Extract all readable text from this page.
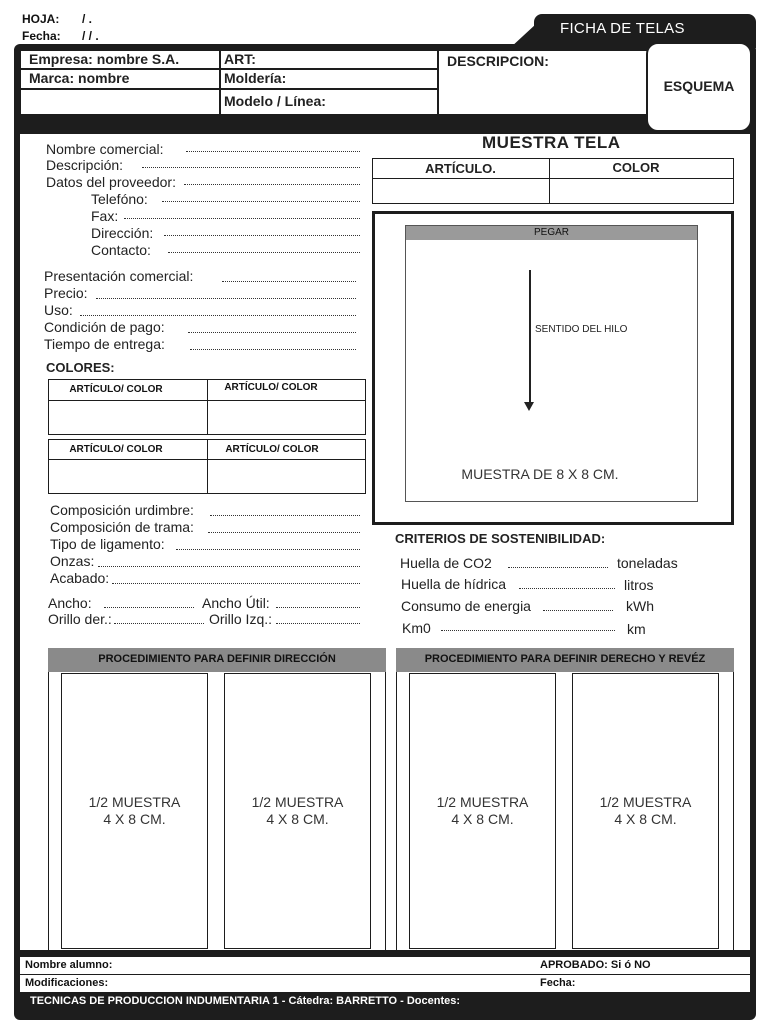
HOJA: / .
Fecha: / / .	FICHA DE TELAS
Empresa: nombre S.A.
Marca: nombre
ART:
Moldería:
Modelo / Línea:
DESCRIPCION:
ESQUEMA
Nombre comercial:
Descripción:
Datos del proveedor:
Telefóno:
Fax:
Dirección:
Contacto:
Presentación comercial:
Precio:
Uso:
Condición de pago:
Tiempo de entrega:
COLORES:
ARTÍCULO/ COLOR	ARTÍCULO/ COLOR
ARTÍCULO/ COLOR	ARTÍCULO/ COLOR
Composición urdimbre:
Composición de trama:
Tipo de ligamento:
Onzas:
Acabado:
Ancho:	Ancho Útil:
Orillo der.:	Orillo Izq.:
MUESTRA TELA
ARTÍCULO.	COLOR
PEGAR
SENTIDO DEL HILO
MUESTRA DE 8 X 8 CM.
CRITERIOS DE SOSTENIBILIDAD:
Huella de CO2	toneladas
Huella de hídrica	litros
Consumo de energia	kWh
Km0	km
PROCEDIMIENTO PARA DEFINIR DIRECCIÓN
1/2 MUESTRA
4 X 8 CM.
1/2 MUESTRA
4 X 8 CM.
PROCEDIMIENTO PARA DEFINIR DERECHO Y REVÉZ
1/2 MUESTRA
4 X 8 CM.
1/2 MUESTRA
4 X 8 CM.
Nombre alumno:	APROBADO: Si ó NO
Modificaciones:	Fecha:
TECNICAS DE PRODUCCION INDUMENTARIA 1 - Cátedra: BARRETTO - Docentes:
